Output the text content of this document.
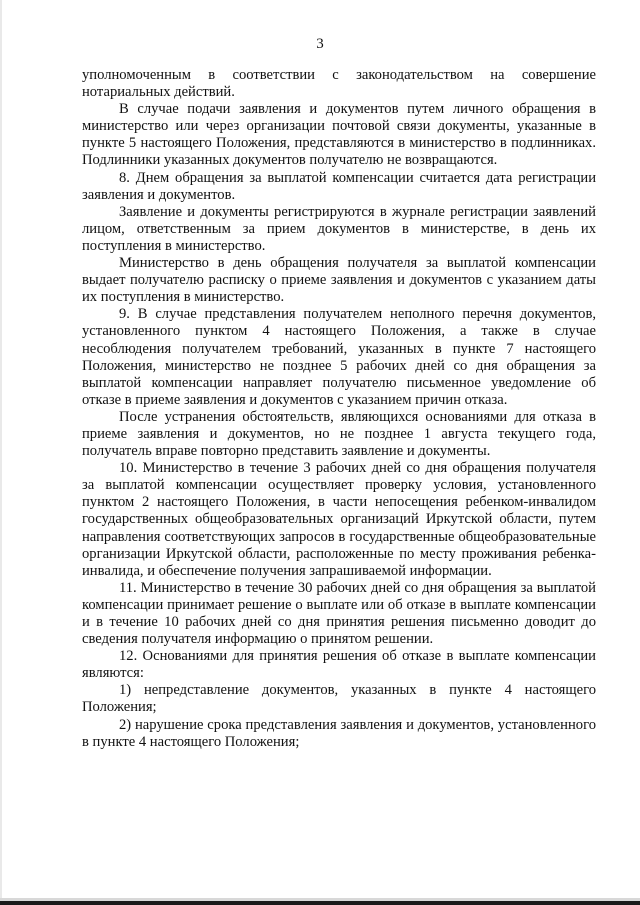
3

уполномоченным в соответствии с законодательством на совершение нотариальных действий.

В случае подачи заявления и документов путем личного обращения в министерство или через организации почтовой связи документы, указанные в пункте 5 настоящего Положения, представляются в министерство в подлинниках. Подлинники указанных документов получателю не возвращаются.

8. Днем обращения за выплатой компенсации считается дата регистрации заявления и документов.

Заявление и документы регистрируются в журнале регистрации заявлений лицом, ответственным за прием документов в министерстве, в день их поступления в министерство.

Министерство в день обращения получателя за выплатой компенсации выдает получателю расписку о приеме заявления и документов с указанием даты их поступления в министерство.

9. В случае представления получателем неполного перечня документов, установленного пунктом 4 настоящего Положения, а также в случае несоблюдения получателем требований, указанных в пункте 7 настоящего Положения, министерство не позднее 5 рабочих дней со дня обращения за выплатой компенсации направляет получателю письменное уведомление об отказе в приеме заявления и документов с указанием причин отказа.

После устранения обстоятельств, являющихся основаниями для отказа в приеме заявления и документов, но не позднее 1 августа текущего года, получатель вправе повторно представить заявление и документы.

10. Министерство в течение 3 рабочих дней со дня обращения получателя за выплатой компенсации осуществляет проверку условия, установленного пунктом 2 настоящего Положения, в части непосещения ребенком-инвалидом государственных общеобразовательных организаций Иркутской области, путем направления соответствующих запросов в государственные общеобразовательные организации Иркутской области, расположенные по месту проживания ребенка-инвалида, и обеспечение получения запрашиваемой информации.

11. Министерство в течение 30 рабочих дней со дня обращения за выплатой компенсации принимает решение о выплате или об отказе в выплате компенсации и в течение 10 рабочих дней со дня принятия решения письменно доводит до сведения получателя информацию о принятом решении.

12. Основаниями для принятия решения об отказе в выплате компенсации являются:

1) непредставление документов, указанных в пункте 4 настоящего Положения;

2) нарушение срока представления заявления и документов, установленного в пункте 4 настоящего Положения;
